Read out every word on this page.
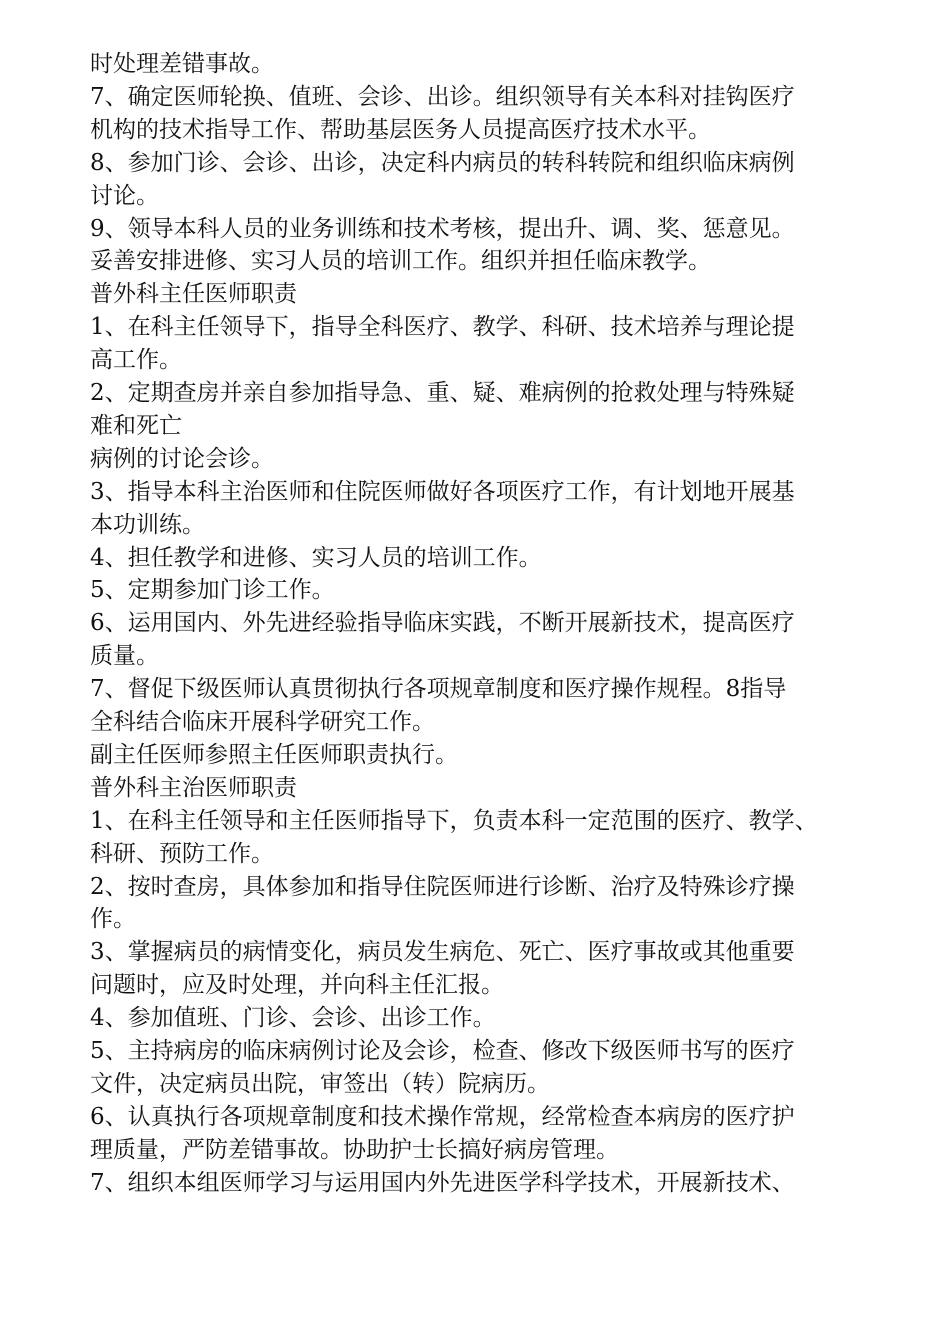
时处理差错事故。
7、确定医师轮换、值班、会诊、出诊。组织领导有关本科对挂钩医疗
机构的技术指导工作、帮助基层医务人员提高医疗技术水平。
8、参加门诊、会诊、出诊，决定科内病员的转科转院和组织临床病例
讨论。
9、领导本科人员的业务训练和技术考核，提出升、调、奖、惩意见。
妥善安排进修、实习人员的培训工作。组织并担任临床教学。
普外科主任医师职责
1、在科主任领导下，指导全科医疗、教学、科研、技术培养与理论提
高工作。
2、定期查房并亲自参加指导急、重、疑、难病例的抢救处理与特殊疑
难和死亡
病例的讨论会诊。
3、指导本科主治医师和住院医师做好各项医疗工作，有计划地开展基
本功训练。
4、担任教学和进修、实习人员的培训工作。
5、定期参加门诊工作。
6、运用国内、外先进经验指导临床实践，不断开展新技术，提高医疗
质量。
7、督促下级医师认真贯彻执行各项规章制度和医疗操作规程。8指导
全科结合临床开展科学研究工作。
副主任医师参照主任医师职责执行。
普外科主治医师职责
1、在科主任领导和主任医师指导下，负责本科一定范围的医疗、教学、
科研、预防工作。
2、按时查房，具体参加和指导住院医师进行诊断、治疗及特殊诊疗操
作。
3、掌握病员的病情变化，病员发生病危、死亡、医疗事故或其他重要
问题时，应及时处理，并向科主任汇报。
4、参加值班、门诊、会诊、出诊工作。
5、主持病房的临床病例讨论及会诊，检查、修改下级医师书写的医疗
文件，决定病员出院，审签出（转）院病历。
6、认真执行各项规章制度和技术操作常规，经常检查本病房的医疗护
理质量，严防差错事故。协助护士长搞好病房管理。
7、组织本组医师学习与运用国内外先进医学科学技术，开展新技术、
